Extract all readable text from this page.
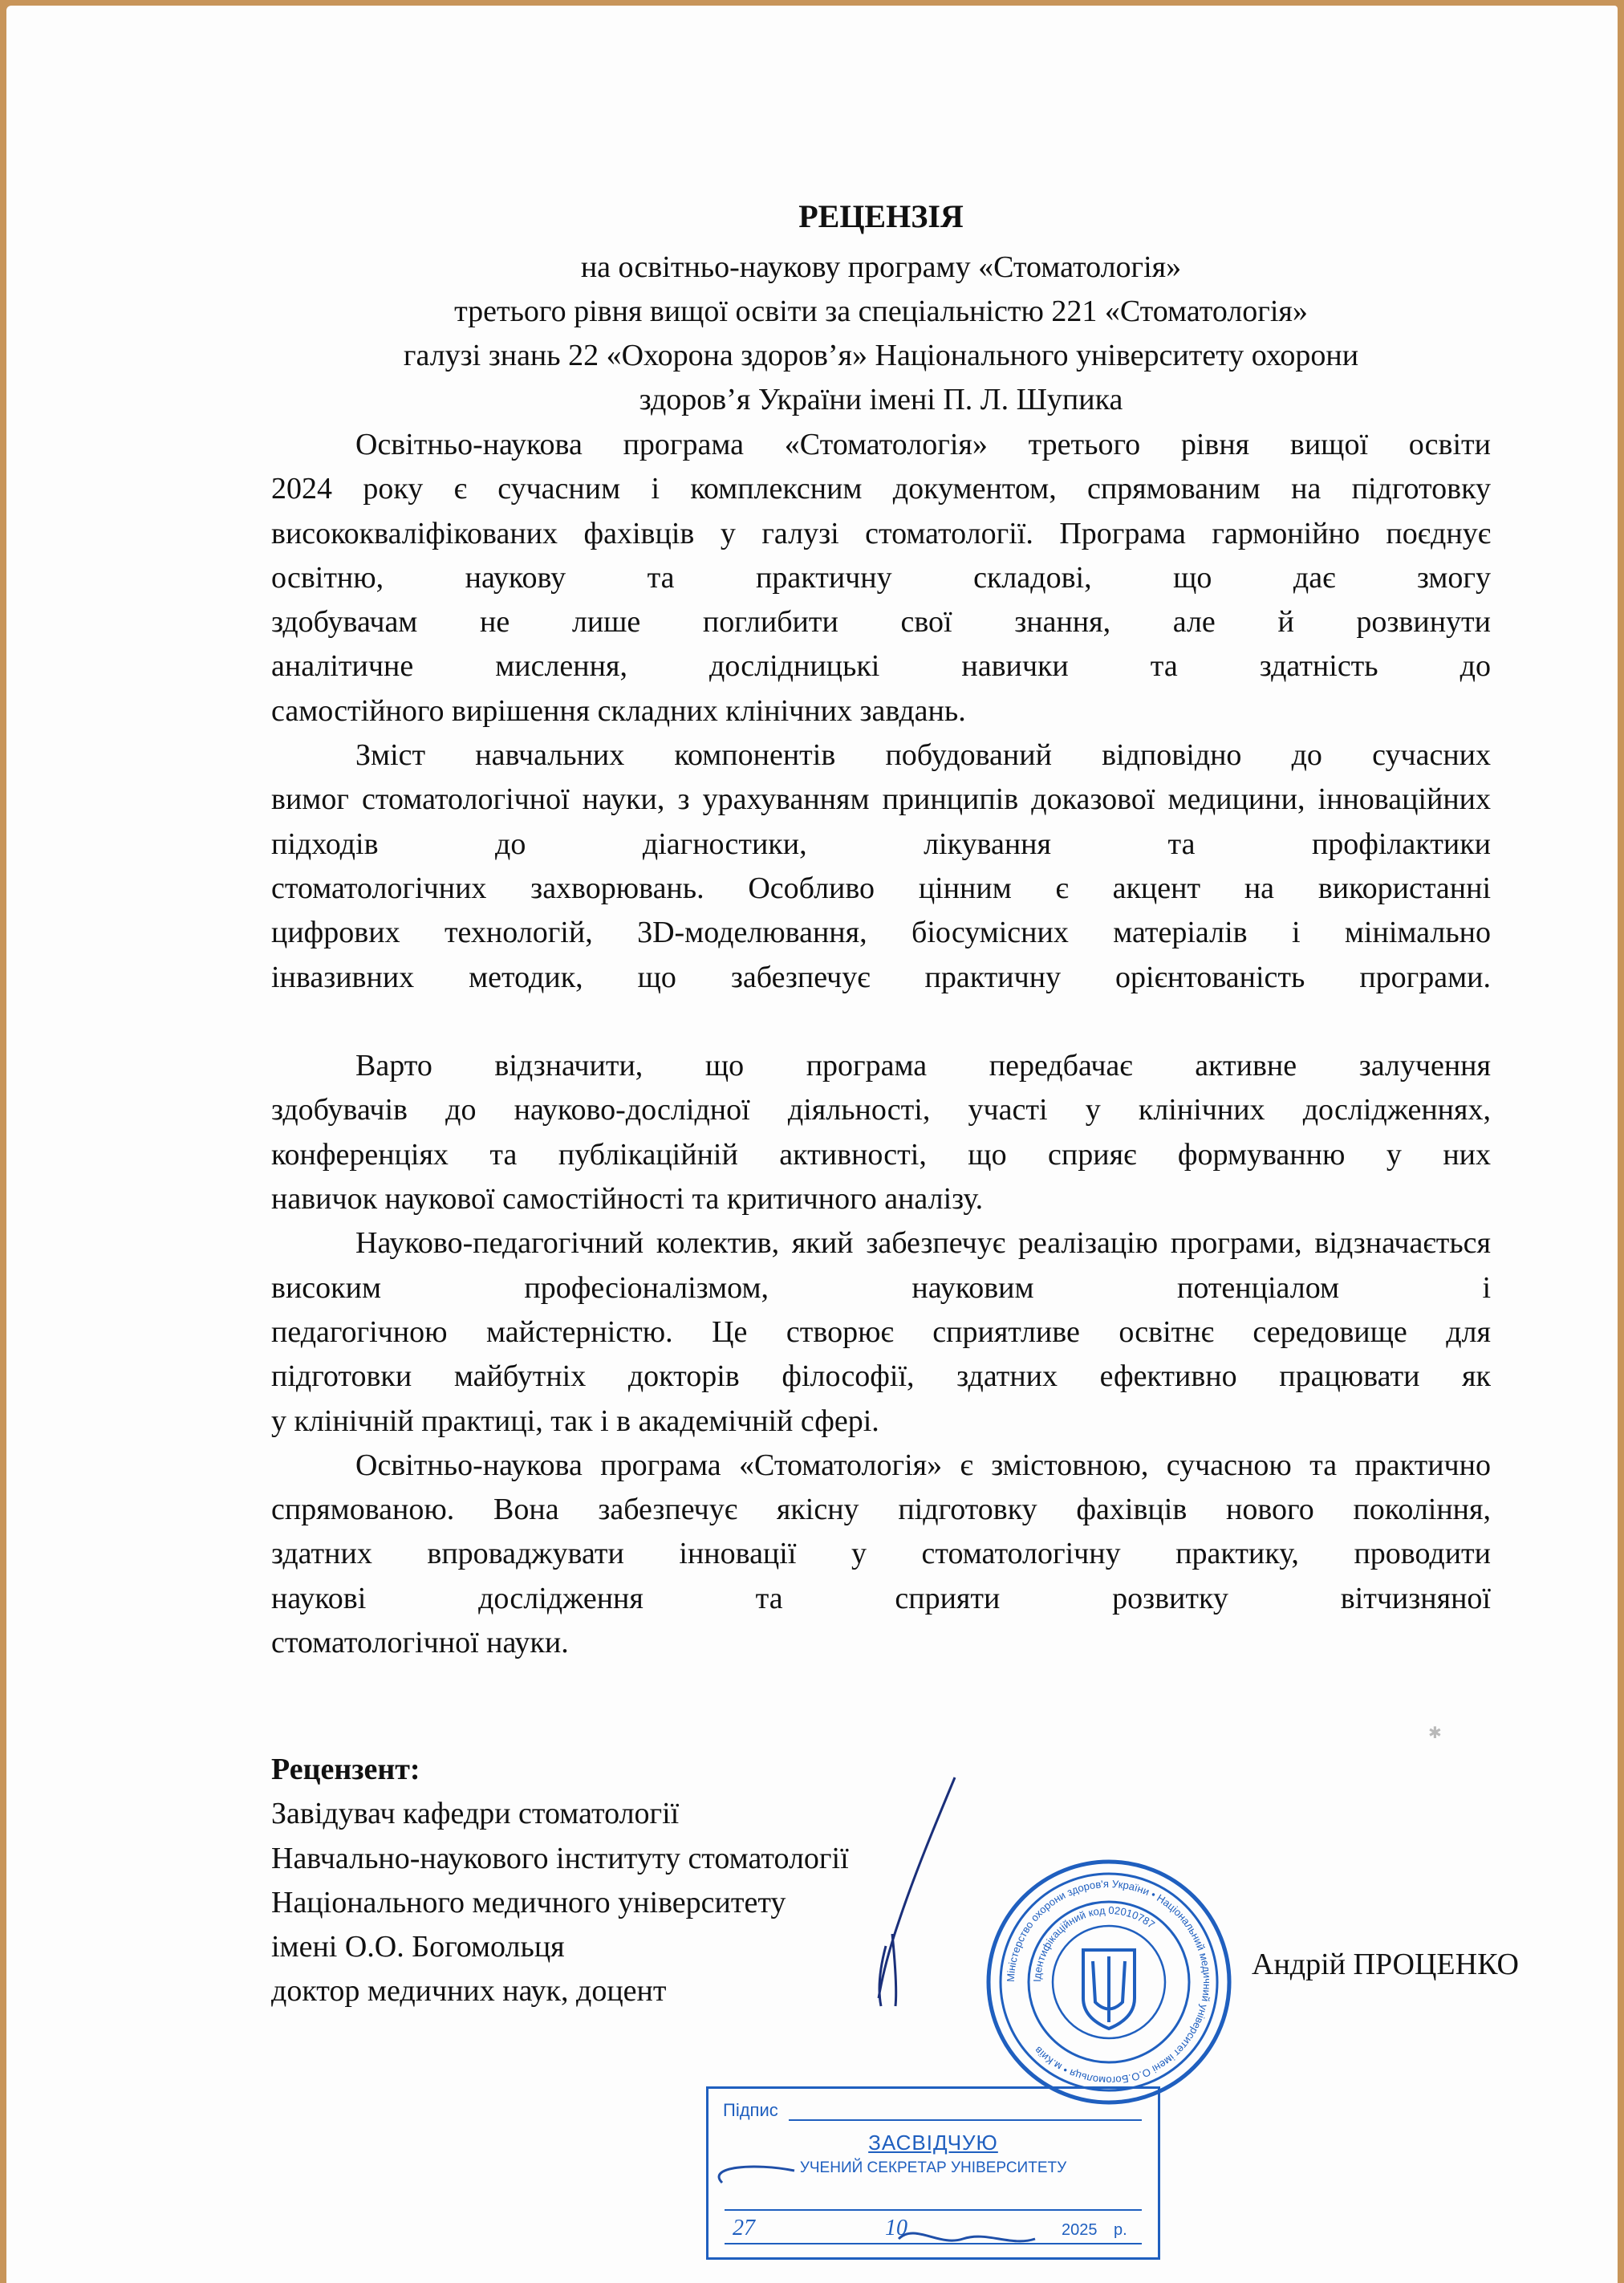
РЕЦЕНЗІЯ
на освітньо-наукову програму «Стоматологія»
третього рівня вищої освіти за спеціальністю 221 «Стоматологія»
галузі знань 22 «Охорона здоров’я» Національного університету охорони
здоров’я України імені П. Л. Шупика

Освітньо-наукова програма «Стоматологія» третього рівня вищої освіти
2024 року є сучасним і комплексним документом, спрямованим на підготовку
висококваліфікованих фахівців у галузі стоматології. Програма гармонійно поєднує
освітню, наукову та практичну складові, що дає змогу
здобувачам не лише поглибити свої знання, але й розвинути
аналітичне мислення, дослідницькі навички та здатність до
самостійного вирішення складних клінічних завдань.

Зміст навчальних компонентів побудований відповідно до сучасних
вимог стоматологічної науки, з урахуванням принципів доказової медицини, інноваційних
підходів до діагностики, лікування та профілактики
стоматологічних захворювань. Особливо цінним є акцент на використанні
цифрових технологій, 3D-моделювання, біосумісних матеріалів і мінімально
інвазивних методик, що забезпечує практичну орієнтованість програми.

Варто відзначити, що програма передбачає активне залучення
здобувачів до науково-дослідної діяльності, участі у клінічних дослідженнях,
конференціях та публікаційній активності, що сприяє формуванню у них
навичок наукової самостійності та критичного аналізу.

Науково-педагогічний колектив, який забезпечує реалізацію програми, відзначається
високим професіоналізмом, науковим потенціалом і
педагогічною майстерністю. Це створює сприятливе освітнє середовище для
підготовки майбутніх докторів філософії, здатних ефективно працювати як
у клінічній практиці, так і в академічній сфері.

Освітньо-наукова програма «Стоматологія» є змістовною, сучасною та практично
спрямованою. Вона забезпечує якісну підготовку фахівців нового покоління,
здатних впроваджувати інновації у стоматологічну практику, проводити
наукові дослідження та сприяти розвитку вітчизняної
стоматологічної науки.

Рецензент:
Завідувач кафедри стоматології
Навчально-наукового інституту стоматології
Національного медичного університету
імені О.О. Богомольця
доктор медичних наук, доцент
✱
Міністерство охорони здоров'я України • Національний медичний університет імені О.О.Богомольця • м.Київ
Ідентифікаційний код 02010787
Підпис
ЗАСВІДЧУЮ
УЧЕНИЙ СЕКРЕТАР УНІВЕРСИТЕТУ
27	10	2025 р.
Андрій ПРОЦЕНКО
